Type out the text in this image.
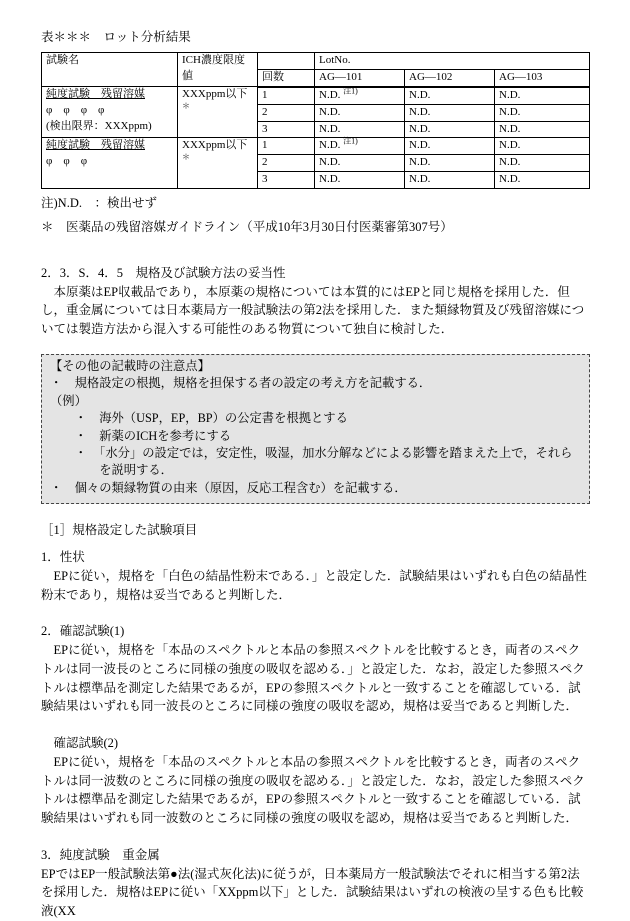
表＊＊＊　ロット分析結果
試験名	ICH濃度限度値		LotNo.		
		回数	AG—101	AG—102	AG—103

純度試験　残留溶媒
φ　φ　φ　φ
(検出限界：XXXppm)	XXXppm以下＊	1	N.D. $^{注1)}$	N.D.	N.D.
		2	N.D.	N.D.	N.D.
		3	N.D.	N.D.	N.D.

純度試験　残留溶媒
φ　φ　φ	XXXppm以下＊	1	N.D. $^{注1)}$	N.D.	N.D.
		2	N.D.	N.D.	N.D.
		3	N.D.	N.D.	N.D.
注)N.D.　：検出せず
＊　医薬品の残留溶媒ガイドライン（平成10年3月30日付医薬審第307号）
2．3．S．4．5　規格及び試験方法の妥当性
　本原薬はEP収載品であり，本原薬の規格については本質的にはEPと同じ規格を採用した．但し，重金属については日本薬局方一般試験法の第2法を採用した．また類縁物質及び残留溶媒については製造方法から混入する可能性のある物質について独自に検討した．
【その他の記載時の注意点】
・　規格設定の根拠，規格を担保する者の設定の考え方を記載する．
（例）
・　海外（USP，EP，BP）の公定書を根拠とする
・　新薬のICHを参考にする
・　「水分」の設定では，安定性，吸湿，加水分解などによる影響を踏まえた上で，それらを説明する．
・　個々の類縁物質の由来（原因，反応工程含む）を記載する．
［1］規格設定した試験項目
1．性状
　EPに従い，規格を「白色の結晶性粉末である．」と設定した．試験結果はいずれも白色の結晶性粉末であり，規格は妥当であると判断した．
2．確認試験(1)
　EPに従い，規格を「本品のスペクトルと本品の参照スペクトルを比較するとき，両者のスペクトルは同一波長のところに同様の強度の吸収を認める．」と設定した．なお，設定した参照スペクトルは標準品を測定した結果であるが，EPの参照スペクトルと一致することを確認している．試験結果はいずれも同一波長のところに同様の強度の吸収を認め，規格は妥当であると判断した．
　確認試験(2)
　EPに従い，規格を「本品のスペクトルと本品の参照スペクトルを比較するとき，両者のスペクトルは同一波数のところに同様の強度の吸収を認める．」と設定した．なお，設定した参照スペクトルは標準品を測定した結果であるが，EPの参照スペクトルと一致することを確認している．試験結果はいずれも同一波数のところに同様の強度の吸収を認め，規格は妥当であると判断した．
3．純度試験　重金属
EPではEP一般試験法第●法(湿式灰化法)に従うが，日本薬局方一般試験法でそれに相当する第2法を採用した．規格はEPに従い「XXppm以下」とした．試験結果はいずれの検液の呈する色も比較液(XX
